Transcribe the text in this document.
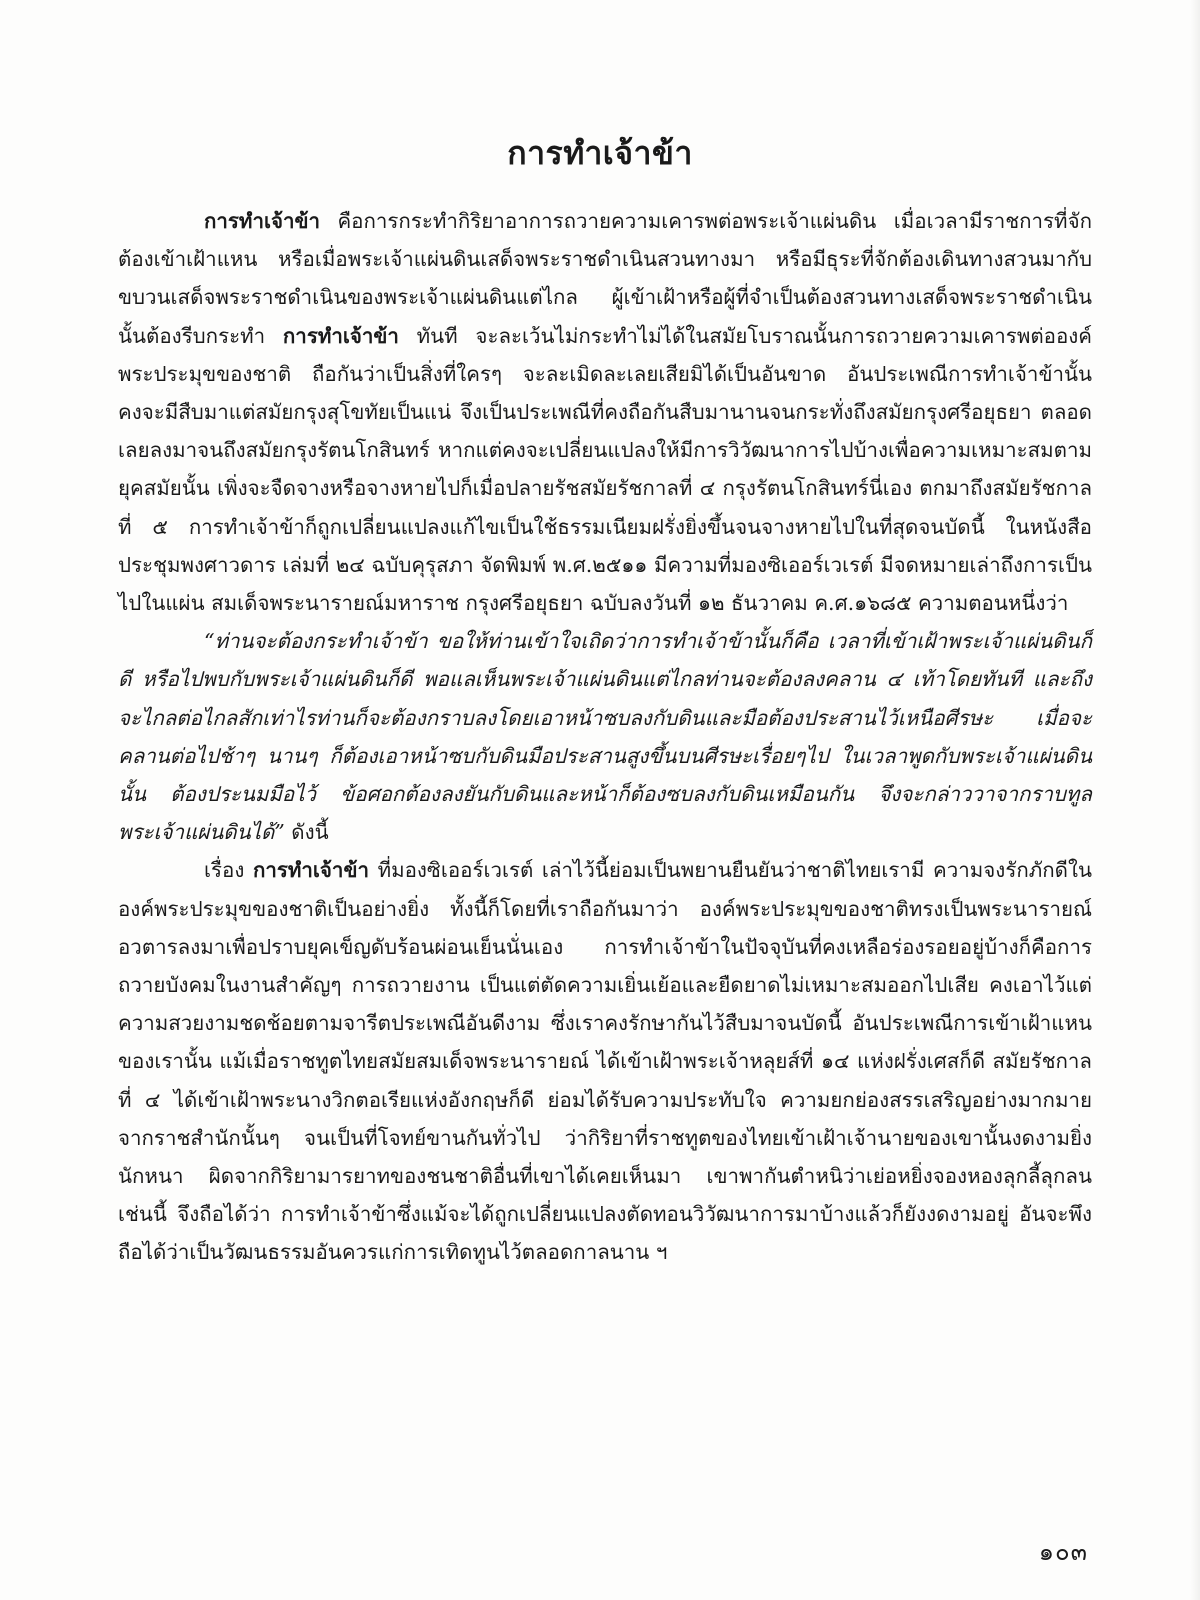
การทำเจ้าข้า

การทำเจ้าข้า คือการกระทำกิริยาอาการถวายความเคารพต่อพระเจ้าแผ่นดิน เมื่อเวลามีราชการที่จักต้องเข้าเฝ้าแหน หรือเมื่อพระเจ้าแผ่นดินเสด็จพระราชดำเนินสวนทางมา หรือมีธุระที่จักต้องเดินทางสวนมากับขบวนเสด็จพระราชดำเนินของพระเจ้าแผ่นดินแต่ไกล ผู้เข้าเฝ้าหรือผู้ที่จำเป็นต้องสวนทางเสด็จพระราชดำเนินนั้นต้องรีบกระทำ การทำเจ้าข้า ทันที จะละเว้นไม่กระทำไม่ได้ในสมัยโบราณนั้นการถวายความเคารพต่อองค์พระประมุขของชาติ ถือกันว่าเป็นสิ่งที่ใครๆ จะละเมิดละเลยเสียมิได้เป็นอันขาด อันประเพณีการทำเจ้าข้านั้นคงจะมีสืบมาแต่สมัยกรุงสุโขทัยเป็นแน่ จึงเป็นประเพณีที่คงถือกันสืบมานานจนกระทั่งถึงสมัยกรุงศรีอยุธยา ตลอดเลยลงมาจนถึงสมัยกรุงรัตนโกสินทร์ หากแต่คงจะเปลี่ยนแปลงให้มีการวิวัฒนาการไปบ้างเพื่อความเหมาะสมตามยุคสมัยนั้น เพิ่งจะจืดจางหรือจางหายไปก็เมื่อปลายรัชสมัยรัชกาลที่ ๔ กรุงรัตนโกสินทร์นี่เอง ตกมาถึงสมัยรัชกาลที่ ๕ การทำเจ้าข้าก็ถูกเปลี่ยนแปลงแก้ไขเป็นใช้ธรรมเนียมฝรั่งยิ่งขึ้นจนจางหายไปในที่สุดจนบัดนี้ ในหนังสือประชุมพงศาวดาร เล่มที่ ๒๔ ฉบับคุรุสภา จัดพิมพ์ พ.ศ.๒๕๑๑ มีความที่มองซิเออร์เวเรต์ มีจดหมายเล่าถึงการเป็นไปในแผ่น สมเด็จพระนารายณ์มหาราช กรุงศรีอยุธยา ฉบับลงวันที่ ๑๒ ธันวาคม ค.ศ.๑๖๘๕ ความตอนหนึ่งว่า

“ท่านจะต้องกระทำเจ้าข้า ขอให้ท่านเข้าใจเถิดว่าการทำเจ้าข้านั้นก็คือ เวลาที่เข้าเฝ้าพระเจ้าแผ่นดินก็ดี หรือไปพบกับพระเจ้าแผ่นดินก็ดี พอแลเห็นพระเจ้าแผ่นดินแต่ไกลท่านจะต้องลงคลาน ๔ เท้าโดยทันที และถึงจะไกลต่อไกลสักเท่าไรท่านก็จะต้องกราบลงโดยเอาหน้าซบลงกับดินและมือต้องประสานไว้เหนือศีรษะ เมื่อจะคลานต่อไปช้าๆ นานๆ ก็ต้องเอาหน้าซบกับดินมือประสานสูงขึ้นบนศีรษะเรื่อยๆไป ในเวลาพูดกับพระเจ้าแผ่นดินนั้น ต้องประนมมือไว้ ข้อศอกต้องลงยันกับดินและหน้าก็ต้องซบลงกับดินเหมือนกัน จึงจะกล่าววาจากราบทูลพระเจ้าแผ่นดินได้” ดังนี้

เรื่อง การทำเจ้าข้า ที่มองซิเออร์เวเรต์ เล่าไว้นี้ย่อมเป็นพยานยืนยันว่าชาติไทยเรามี ความจงรักภักดีในองค์พระประมุขของชาติเป็นอย่างยิ่ง ทั้งนี้ก็โดยที่เราถือกันมาว่า องค์พระประมุขของชาติทรงเป็นพระนารายณ์อวตารลงมาเพื่อปราบยุคเข็ญดับร้อนผ่อนเย็นนั่นเอง การทำเจ้าข้าในปัจจุบันที่คงเหลือร่องรอยอยู่บ้างก็คือการถวายบังคมในงานสำคัญๆ การถวายงาน เป็นแต่ตัดความเยิ่นเย้อและยืดยาดไม่เหมาะสมออกไปเสีย คงเอาไว้แต่ความสวยงามชดช้อยตามจารีตประเพณีอันดีงาม ซึ่งเราคงรักษากันไว้สืบมาจนบัดนี้ อันประเพณีการเข้าเฝ้าแหนของเรานั้น แม้เมื่อราชทูตไทยสมัยสมเด็จพระนารายณ์ ได้เข้าเฝ้าพระเจ้าหลุยส์ที่ ๑๔ แห่งฝรั่งเศสก็ดี สมัยรัชกาลที่ ๔ ได้เข้าเฝ้าพระนางวิกตอเรียแห่งอังกฤษก็ดี ย่อมได้รับความประทับใจ ความยกย่องสรรเสริญอย่างมากมายจากราชสำนักนั้นๆ จนเป็นที่โจทย์ขานกันทั่วไป ว่ากิริยาที่ราชทูตของไทยเข้าเฝ้าเจ้านายของเขานั้นงดงามยิ่งนักหนา ผิดจากกิริยามารยาทของชนชาติอื่นที่เขาได้เคยเห็นมา เขาพากันตำหนิว่าเย่อหยิ่งจองหองลุกลี้ลุกลน เช่นนี้ จึงถือได้ว่า การทำเจ้าข้าซึ่งแม้จะได้ถูกเปลี่ยนแปลงตัดทอนวิวัฒนาการมาบ้างแล้วก็ยังงดงามอยู่ อันจะพึงถือได้ว่าเป็นวัฒนธรรมอันควรแก่การเทิดทูนไว้ตลอดกาลนาน ฯ

๑๐๓
